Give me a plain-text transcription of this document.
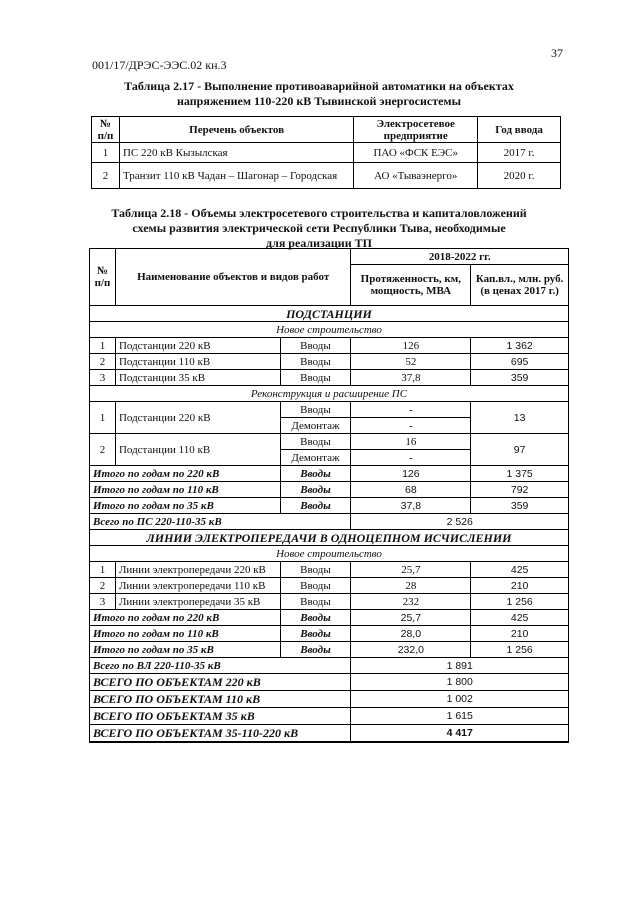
37
001/17/ДРЭС-ЭЭС.02 кн.3
Таблица 2.17 - Выполнение противоаварийной автоматики на объектах
напряжением 110-220 кВ Тывинской энергосистемы
№ п/п	Перечень объектов	Электросетевое предприятие	Год ввода
1	ПС 220 кВ Кызылская	ПАО «ФСК ЕЭС»	2017 г.
2	Транзит 110 кВ Чадан – Шагонар – Городская	АО «Тываэнерго»	2020 г.
Таблица 2.18 - Объемы электросетевого строительства и капиталовложений
схемы развития электрической сети Республики Тыва, необходимые
для реализации ТП
№ п/п	Наименование объектов и видов работ		2018-2022 гг.	
			Протяженность, км, мощность, МВА	Кап.вл., млн. руб. (в ценах 2017 г.)
ПОДСТАНЦИИ				
Новое строительство				
1	Подстанции 220 кВ	Вводы	126	1 362
2	Подстанции 110 кВ	Вводы	52	695
3	Подстанции 35 кВ	Вводы	37,8	359
Реконструкция и расширение ПС				
1	Подстанции 220 кВ	Вводы	-	13
		Демонтаж	-	
2	Подстанции 110 кВ	Вводы	16	97
		Демонтаж	-	
Итого по годам по 220 кВ		Вводы	126	1 375
Итого по годам по 110 кВ		Вводы	68	792
Итого по годам по 35 кВ		Вводы	37,8	359
Всего по ПС 220-110-35 кВ			2 526	
ЛИНИИ ЭЛЕКТРОПЕРЕДАЧИ В ОДНОЦЕПНОМ ИСЧИСЛЕНИИ				
Новое строительство				
1	Линии электропередачи 220 кВ	Вводы	25,7	425
2	Линии электропередачи 110 кВ	Вводы	28	210
3	Линии электропередачи 35 кВ	Вводы	232	1 256
Итого по годам по 220 кВ		Вводы	25,7	425
Итого по годам по 110 кВ		Вводы	28,0	210
Итого по годам по 35 кВ		Вводы	232,0	1 256
Всего по ВЛ 220-110-35 кВ			1 891	
ВСЕГО ПО ОБЪЕКТАМ 220 кВ			1 800	
ВСЕГО ПО ОБЪЕКТАМ 110 кВ			1 002	
ВСЕГО ПО ОБЪЕКТАМ 35 кВ			1 615	
ВСЕГО ПО ОБЪЕКТАМ 35-110-220 кВ			4 417	
